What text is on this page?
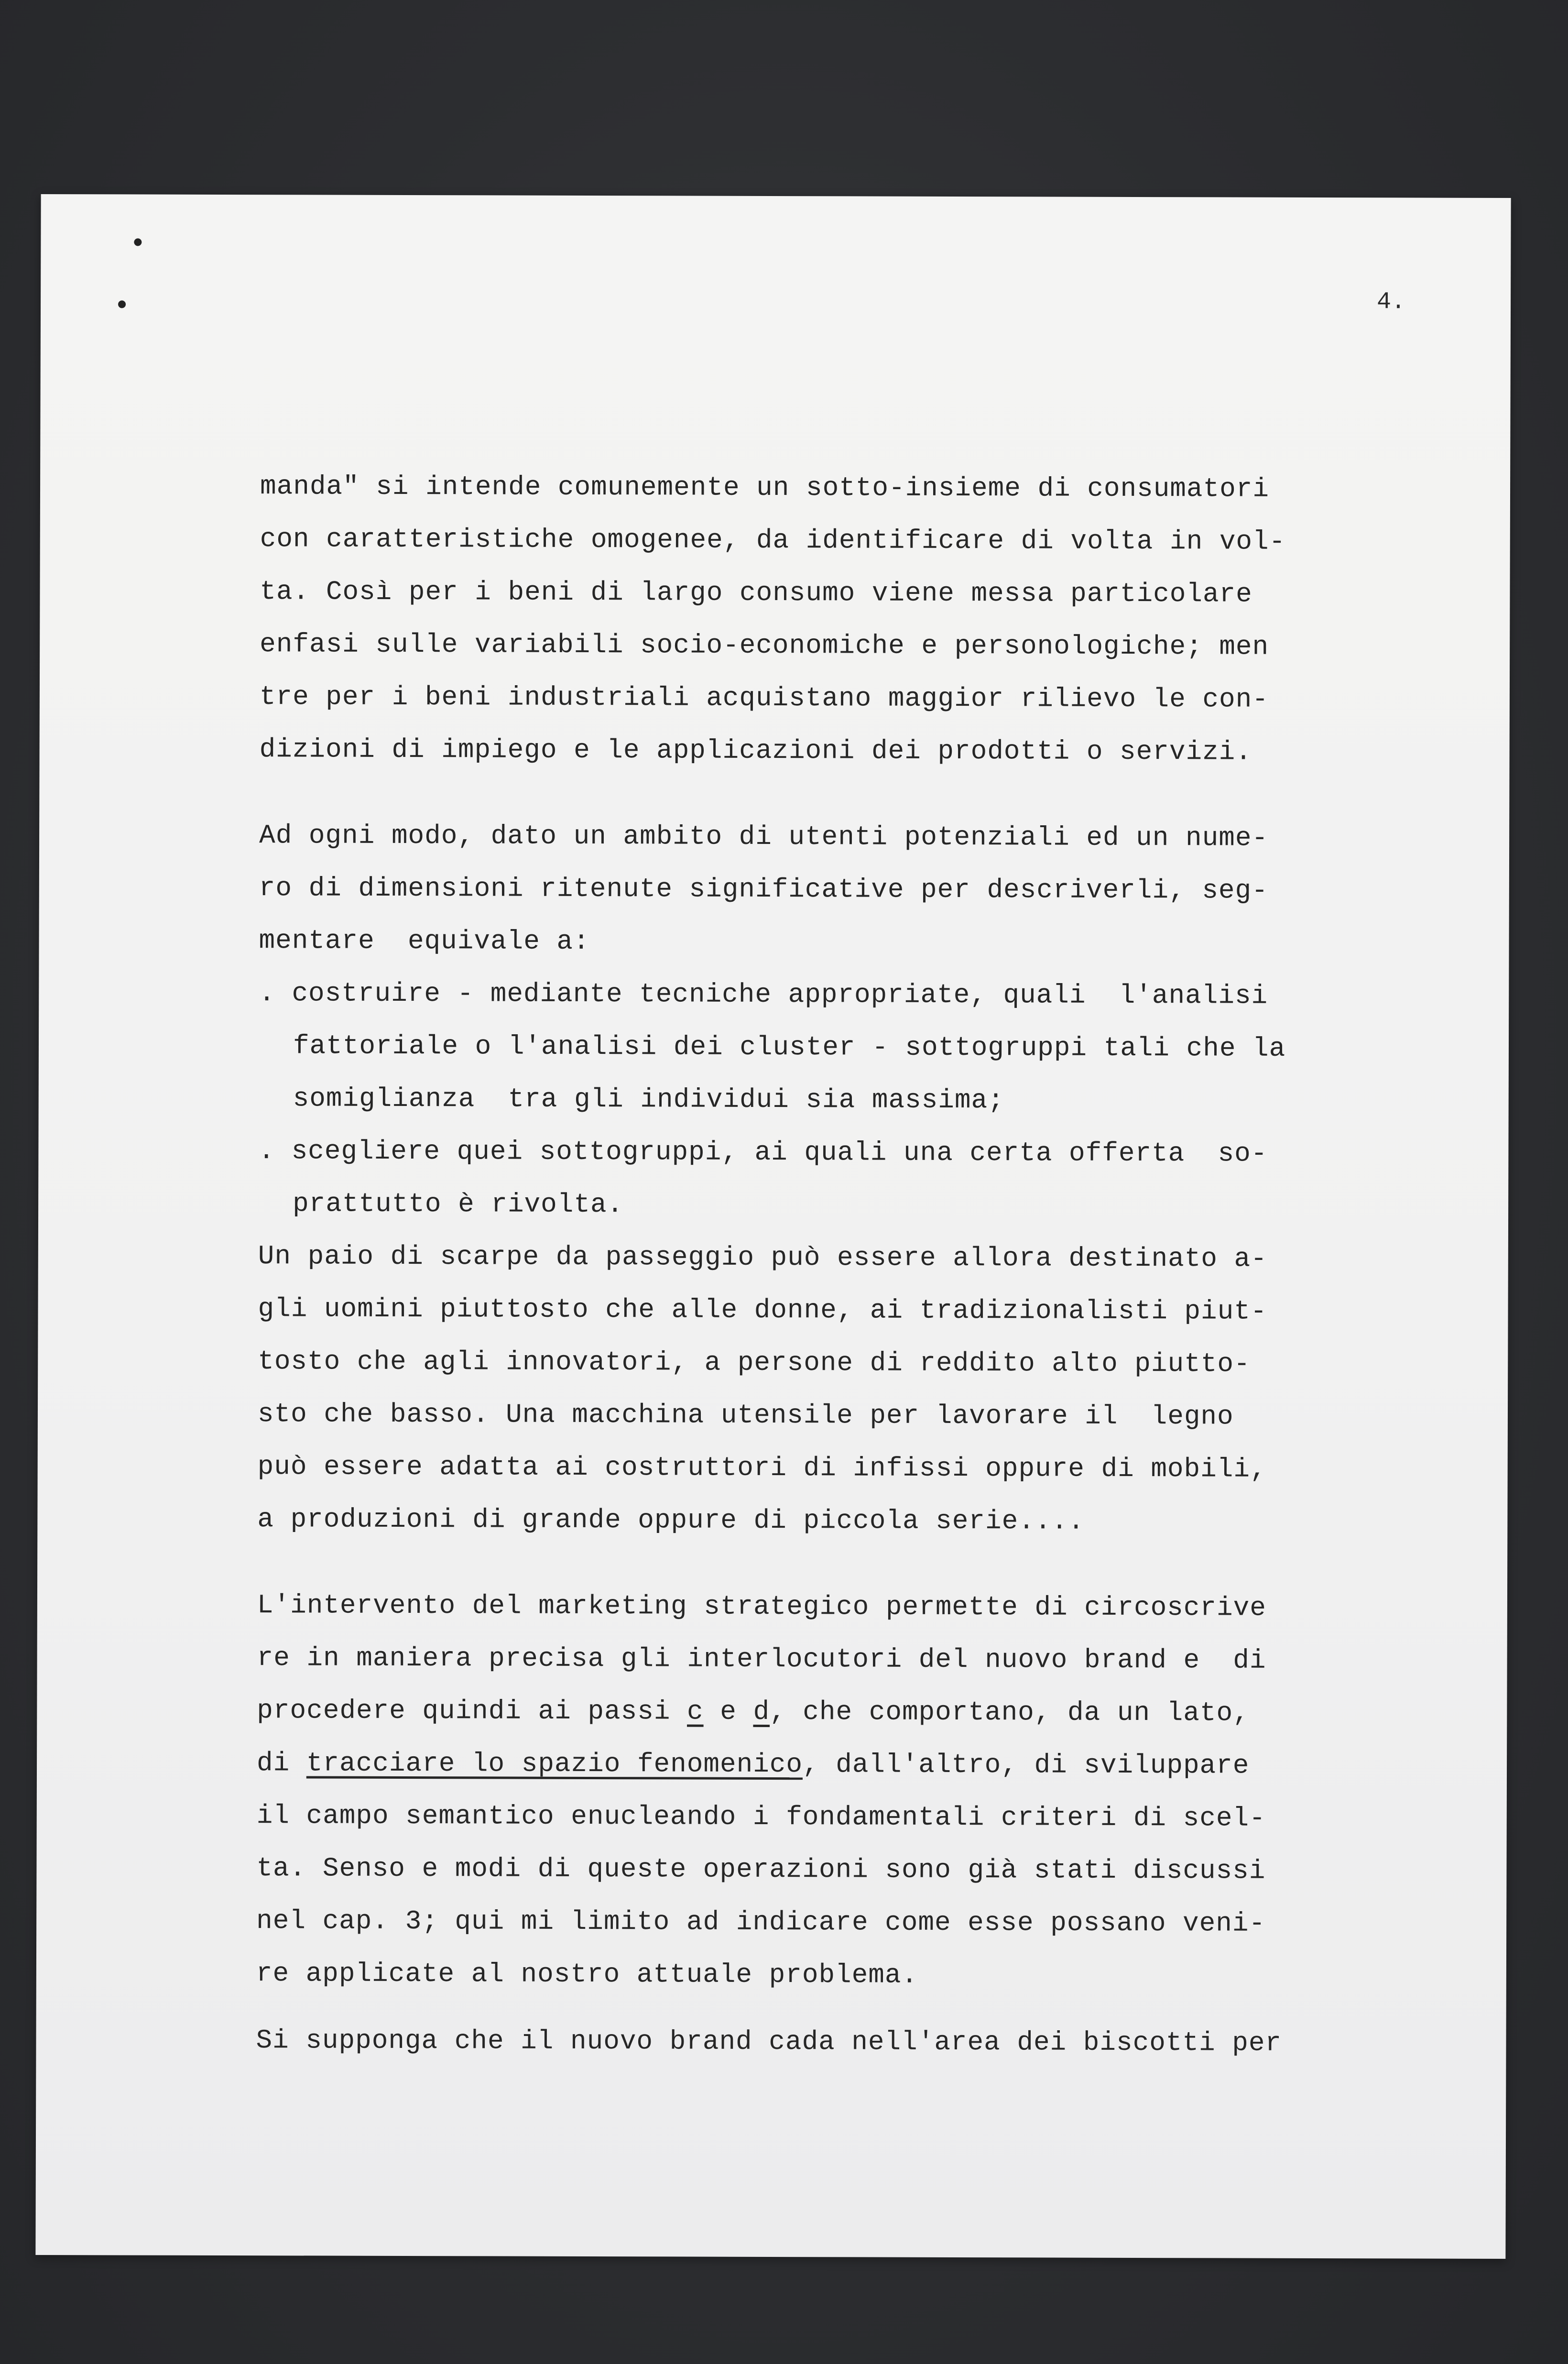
4.
manda" si intende comunemente un sotto-insieme di consumatori
con caratteristiche omogenee, da identificare di volta in vol-
ta. Così per i beni di largo consumo viene messa particolare
enfasi sulle variabili socio-economiche e personologiche; men
tre per i beni industriali acquistano maggior rilievo le con-
dizioni di impiego e le applicazioni dei prodotti o servizi.
Ad ogni modo, dato un ambito di utenti potenziali ed un nume-
ro di dimensioni ritenute significative per descriverli, seg-
mentare  equivale a:
. costruire - mediante tecniche appropriate, quali  l'analisi
fattoriale o l'analisi dei cluster - sottogruppi tali che la
somiglianza  tra gli individui sia massima;
. scegliere quei sottogruppi, ai quali una certa offerta  so-
prattutto è rivolta.
Un paio di scarpe da passeggio può essere allora destinato a-
gli uomini piuttosto che alle donne, ai tradizionalisti piut-
tosto che agli innovatori, a persone di reddito alto piutto-
sto che basso. Una macchina utensile per lavorare il  legno
può essere adatta ai costruttori di infissi oppure di mobili,
a produzioni di grande oppure di piccola serie....
L'intervento del marketing strategico permette di circoscrive
re in maniera precisa gli interlocutori del nuovo brand e  di
procedere quindi ai passi c e d, che comportano, da un lato,
di tracciare lo spazio fenomenico, dall'altro, di sviluppare
il campo semantico enucleando i fondamentali criteri di scel-
ta. Senso e modi di queste operazioni sono già stati discussi
nel cap. 3; qui mi limito ad indicare come esse possano veni-
re applicate al nostro attuale problema.
Si supponga che il nuovo brand cada nell'area dei biscotti per
